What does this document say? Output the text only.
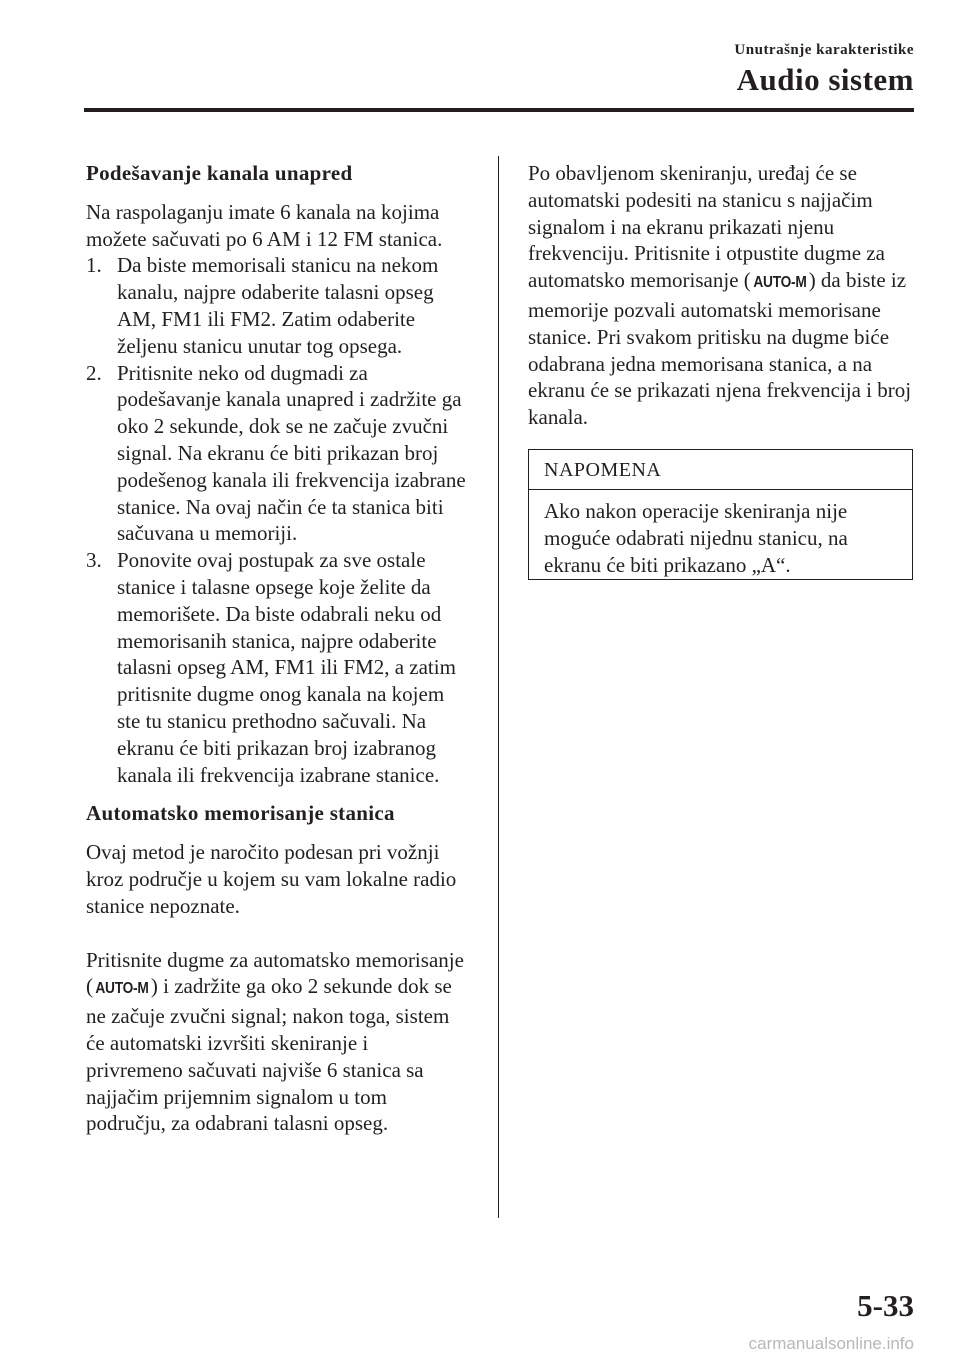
Unutrašnje karakteristike
Audio sistem
Podešavanje kanala unapred

Na raspolaganju imate 6 kanala na kojima možete sačuvati po 6 AM i 12 FM stanica.

1. Da biste memorisali stanicu na nekom kanalu, najpre odaberite talasni opseg AM, FM1 ili FM2. Zatim odaberite željenu stanicu unutar tog opsega.
2. Pritisnite neko od dugmadi za podešavanje kanala unapred i zadržite ga oko 2 sekunde, dok se ne začuje zvučni signal. Na ekranu će biti prikazan broj podešenog kanala ili frekvencija izabrane stanice. Na ovaj način će ta stanica biti sačuvana u memoriji.
3. Ponovite ovaj postupak za sve ostale stanice i talasne opsege koje želite da memorišete. Da biste odabrali neku od memorisanih stanica, najpre odaberite talasni opseg AM, FM1 ili FM2, a zatim pritisnite dugme onog kanala na kojem ste tu stanicu prethodno sačuvali. Na ekranu će biti prikazan broj izabranog kanala ili frekvencija izabrane stanice.
Automatsko memorisanje stanica

Ovaj metod je naročito podesan pri vožnji kroz područje u kojem su vam lokalne radio stanice nepoznate.

Pritisnite dugme za automatsko memorisanje ( AUTO-M ) i zadržite ga oko 2 sekunde dok se ne začuje zvučni signal; nakon toga, sistem će automatski izvršiti skeniranje i privremeno sačuvati najviše 6 stanica sa najjačim prijemnim signalom u tom području, za odabrani talasni opseg.

Po obavljenom skeniranju, uređaj će se automatski podesiti na stanicu s najjačim signalom i na ekranu prikazati njenu frekvenciju. Pritisnite i otpustite dugme za automatsko memorisanje ( AUTO-M ) da biste iz memorije pozvali automatski memorisane stanice. Pri svakom pritisku na dugme biće odabrana jedna memorisana stanica, a na ekranu će se prikazati njena frekvencija i broj kanala.

NAPOMENA
Ako nakon operacije skeniranja nije moguće odabrati nijednu stanicu, na ekranu će biti prikazano „A“.
5-33
carmanualsonline.info
